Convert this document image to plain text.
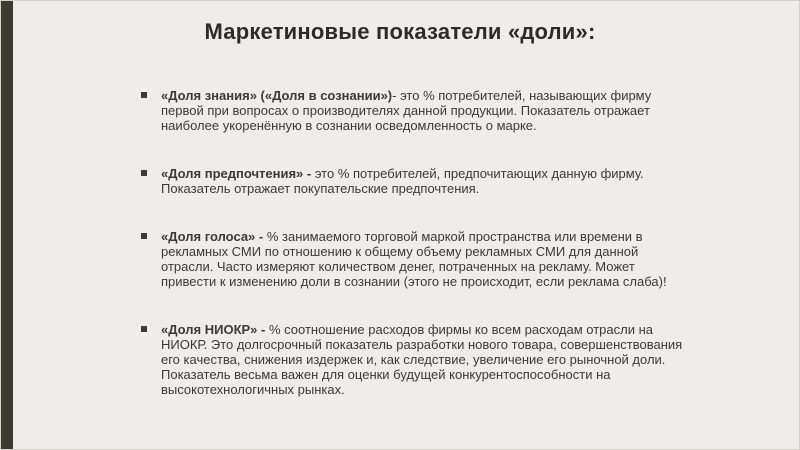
Маркетиновые показатели «доли»:
«Доля знания» («Доля в сознании»)- это % потребителей, называющих фирму первой при вопросах о производителях данной продукции. Показатель отражает наиболее укоренённую в сознании осведомленность о марке.
«Доля предпочтения» - это % потребителей, предпочитающих данную фирму. Показатель отражает покупательские предпочтения.
«Доля голоса» - % занимаемого торговой маркой пространства или времени в рекламных СМИ по отношению к общему объему рекламных СМИ для данной отрасли. Часто измеряют количеством денег, потраченных на рекламу. Может привести к изменению доли в сознании (этого не происходит, если реклама слаба)!
«Доля НИОКР» - % соотношение расходов фирмы ко всем расходам отрасли на НИОКР. Это долгосрочный показатель разработки нового товара, совершенствования его качества, снижения издержек и, как следствие, увеличение его рыночной доли. Показатель весьма важен для оценки будущей конкурентоспособности на высокотехнологичных рынках.
